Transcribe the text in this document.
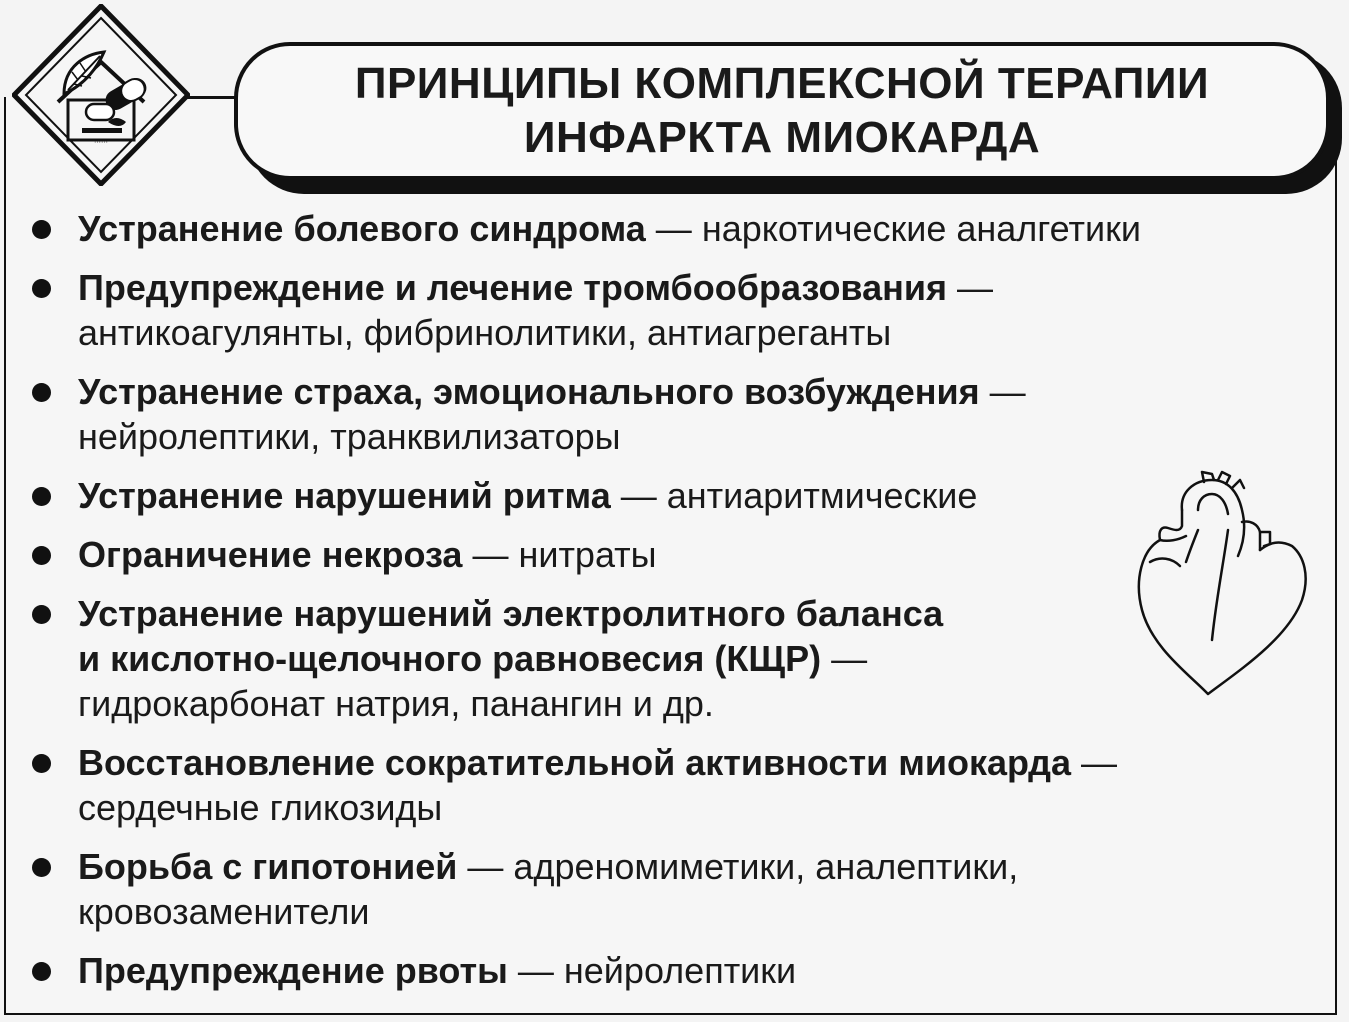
······
ПРИНЦИПЫ КОМПЛЕКСНОЙ ТЕРАПИИ
ИНФАРКТА МИОКАРДА
Устранение болевого синдрома — наркотические аналгетики
Предупреждение и лечение тромбообразования —
антикоагулянты, фибринолитики, антиагреганты
Устранение страха, эмоционального возбуждения —
нейролептики, транквилизаторы
Устранение нарушений ритма — антиаритмические
Ограничение некроза — нитраты
Устранение нарушений электролитного баланса
и кислотно-щелочного равновесия (КЩР) —
гидрокарбонат натрия, панангин и др.
Восстановление сократительной активности миокарда —
сердечные гликозиды
Борьба с гипотонией — адреномиметики, аналептики,
кровозаменители
Предупреждение рвоты — нейролептики
